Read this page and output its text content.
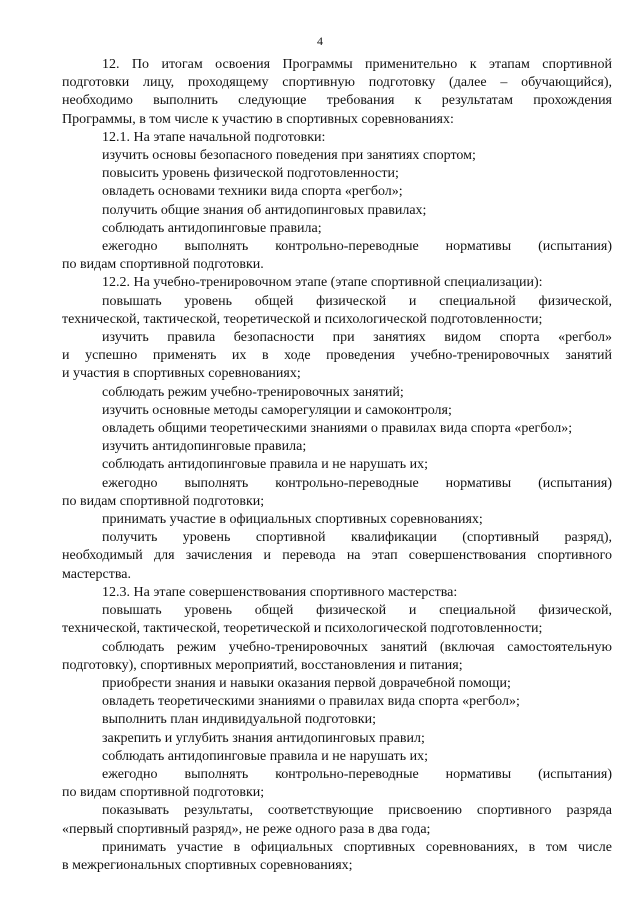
4

12. По итогам освоения Программы применительно к этапам спортивной

подготовки лицу, проходящему спортивную подготовку (далее – обучающийся),

необходимо выполнить следующие требования к результатам прохождения

Программы, в том числе к участию в спортивных соревнованиях:

12.1. На этапе начальной подготовки:

изучить основы безопасного поведения при занятиях спортом;

повысить уровень физической подготовленности;

овладеть основами техники вида спорта «регбол»;

получить общие знания об антидопинговых правилах;

соблюдать антидопинговые правила;

ежегодно выполнять контрольно-переводные нормативы (испытания)

по видам спортивной подготовки.

12.2. На учебно-тренировочном этапе (этапе спортивной специализации):

повышать уровень общей физической и специальной физической,

технической, тактической, теоретической и психологической подготовленности;

изучить правила безопасности при занятиях видом спорта «регбол»

и успешно применять их в ходе проведения учебно-тренировочных занятий

и участия в спортивных соревнованиях;

соблюдать режим учебно-тренировочных занятий;

изучить основные методы саморегуляции и самоконтроля;

овладеть общими теоретическими знаниями о правилах вида спорта «регбол»;

изучить антидопинговые правила;

соблюдать антидопинговые правила и не нарушать их;

ежегодно выполнять контрольно-переводные нормативы (испытания)

по видам спортивной подготовки;

принимать участие в официальных спортивных соревнованиях;

получить уровень спортивной квалификации (спортивный разряд),

необходимый для зачисления и перевода на этап совершенствования спортивного

мастерства.

12.3. На этапе совершенствования спортивного мастерства:

повышать уровень общей физической и специальной физической,

технической, тактической, теоретической и психологической подготовленности;

соблюдать режим учебно-тренировочных занятий (включая самостоятельную

подготовку), спортивных мероприятий, восстановления и питания;

приобрести знания и навыки оказания первой доврачебной помощи;

овладеть теоретическими знаниями о правилах вида спорта «регбол»;

выполнить план индивидуальной подготовки;

закрепить и углубить знания антидопинговых правил;

соблюдать антидопинговые правила и не нарушать их;

ежегодно выполнять контрольно-переводные нормативы (испытания)

по видам спортивной подготовки;

показывать результаты, соответствующие присвоению спортивного разряда

«первый спортивный разряд», не реже одного раза в два года;

принимать участие в официальных спортивных соревнованиях, в том числе

в межрегиональных спортивных соревнованиях;
